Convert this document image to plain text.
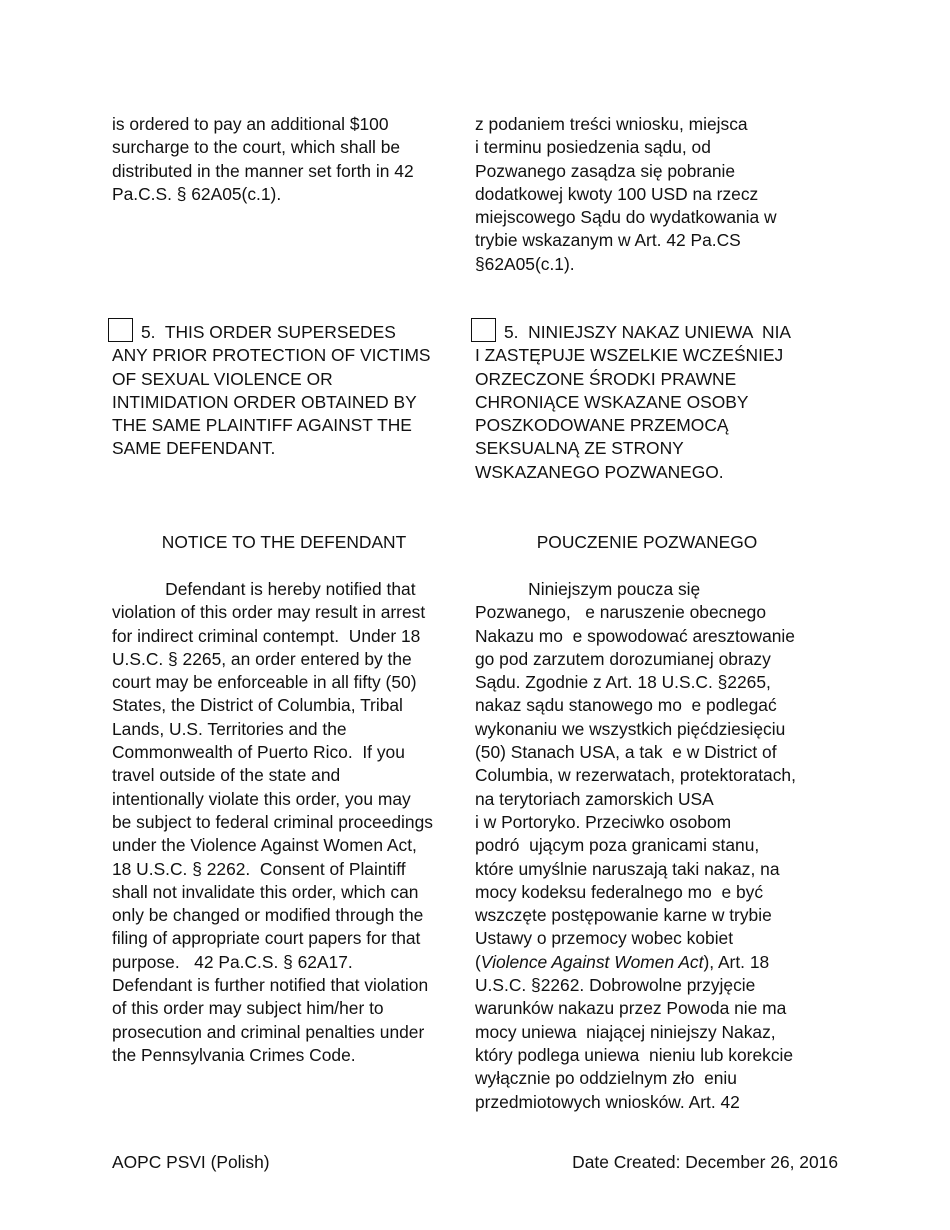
is ordered to pay an additional $100
surcharge to the court, which shall be
distributed in the manner set forth in 42
Pa.C.S. § 62A05(c.1).
5.  THIS ORDER SUPERSEDES
ANY PRIOR PROTECTION OF VICTIMS
OF SEXUAL VIOLENCE OR
INTIMIDATION ORDER OBTAINED BY
THE SAME PLAINTIFF AGAINST THE
SAME DEFENDANT.
NOTICE TO THE DEFENDANT
Defendant is hereby notified that
violation of this order may result in arrest
for indirect criminal contempt.  Under 18
U.S.C. § 2265, an order entered by the
court may be enforceable in all fifty (50)
States, the District of Columbia, Tribal
Lands, U.S. Territories and the
Commonwealth of Puerto Rico.  If you
travel outside of the state and
intentionally violate this order, you may
be subject to federal criminal proceedings
under the Violence Against Women Act,
18 U.S.C. § 2262.  Consent of Plaintiff
shall not invalidate this order, which can
only be changed or modified through the
filing of appropriate court papers for that
purpose.   42 Pa.C.S. § 62A17.
Defendant is further notified that violation
of this order may subject him/her to
prosecution and criminal penalties under
the Pennsylvania Crimes Code.
z podaniem treści wniosku, miejsca
i terminu posiedzenia sądu, od
Pozwanego zasądza się pobranie
dodatkowej kwoty 100 USD na rzecz
miejscowego Sądu do wydatkowania w
trybie wskazanym w Art. 42 Pa.CS
§62A05(c.1).
5.  NINIEJSZY NAKAZ UNIEWA  NIA
I ZASTĘPUJE WSZELKIE WCZEŚNIEJ
ORZECZONE ŚRODKI PRAWNE
CHRONIĄCE WSKAZANE OSOBY
POSZKODOWANE PRZEMOCĄ
SEKSUALNĄ ZE STRONY
WSKAZANEGO POZWANEGO.
POUCZENIE POZWANEGO
Niniejszym poucza się
Pozwanego,   e naruszenie obecnego
Nakazu mo  e spowodować aresztowanie
go pod zarzutem dorozumianej obrazy
Sądu. Zgodnie z Art. 18 U.S.C. §2265,
nakaz sądu stanowego mo  e podlegać
wykonaniu we wszystkich pięćdziesięciu
(50) Stanach USA, a tak  e w District of
Columbia, w rezerwatach, protektoratach,
na terytoriach zamorskich USA
i w Portoryko. Przeciwko osobom
podró  ującym poza granicami stanu,
które umyślnie naruszają taki nakaz, na
mocy kodeksu federalnego mo  e być
wszczęte postępowanie karne w trybie
Ustawy o przemocy wobec kobiet
(Violence Against Women Act), Art. 18
U.S.C. §2262. Dobrowolne przyjęcie
warunków nakazu przez Powoda nie ma
mocy uniewa  niającej niniejszy Nakaz,
który podlega uniewa  nieniu lub korekcie
wyłącznie po oddzielnym zło  eniu
przedmiotowych wniosków. Art. 42
AOPC PSVI (Polish)	Date Created: December 26, 2016
